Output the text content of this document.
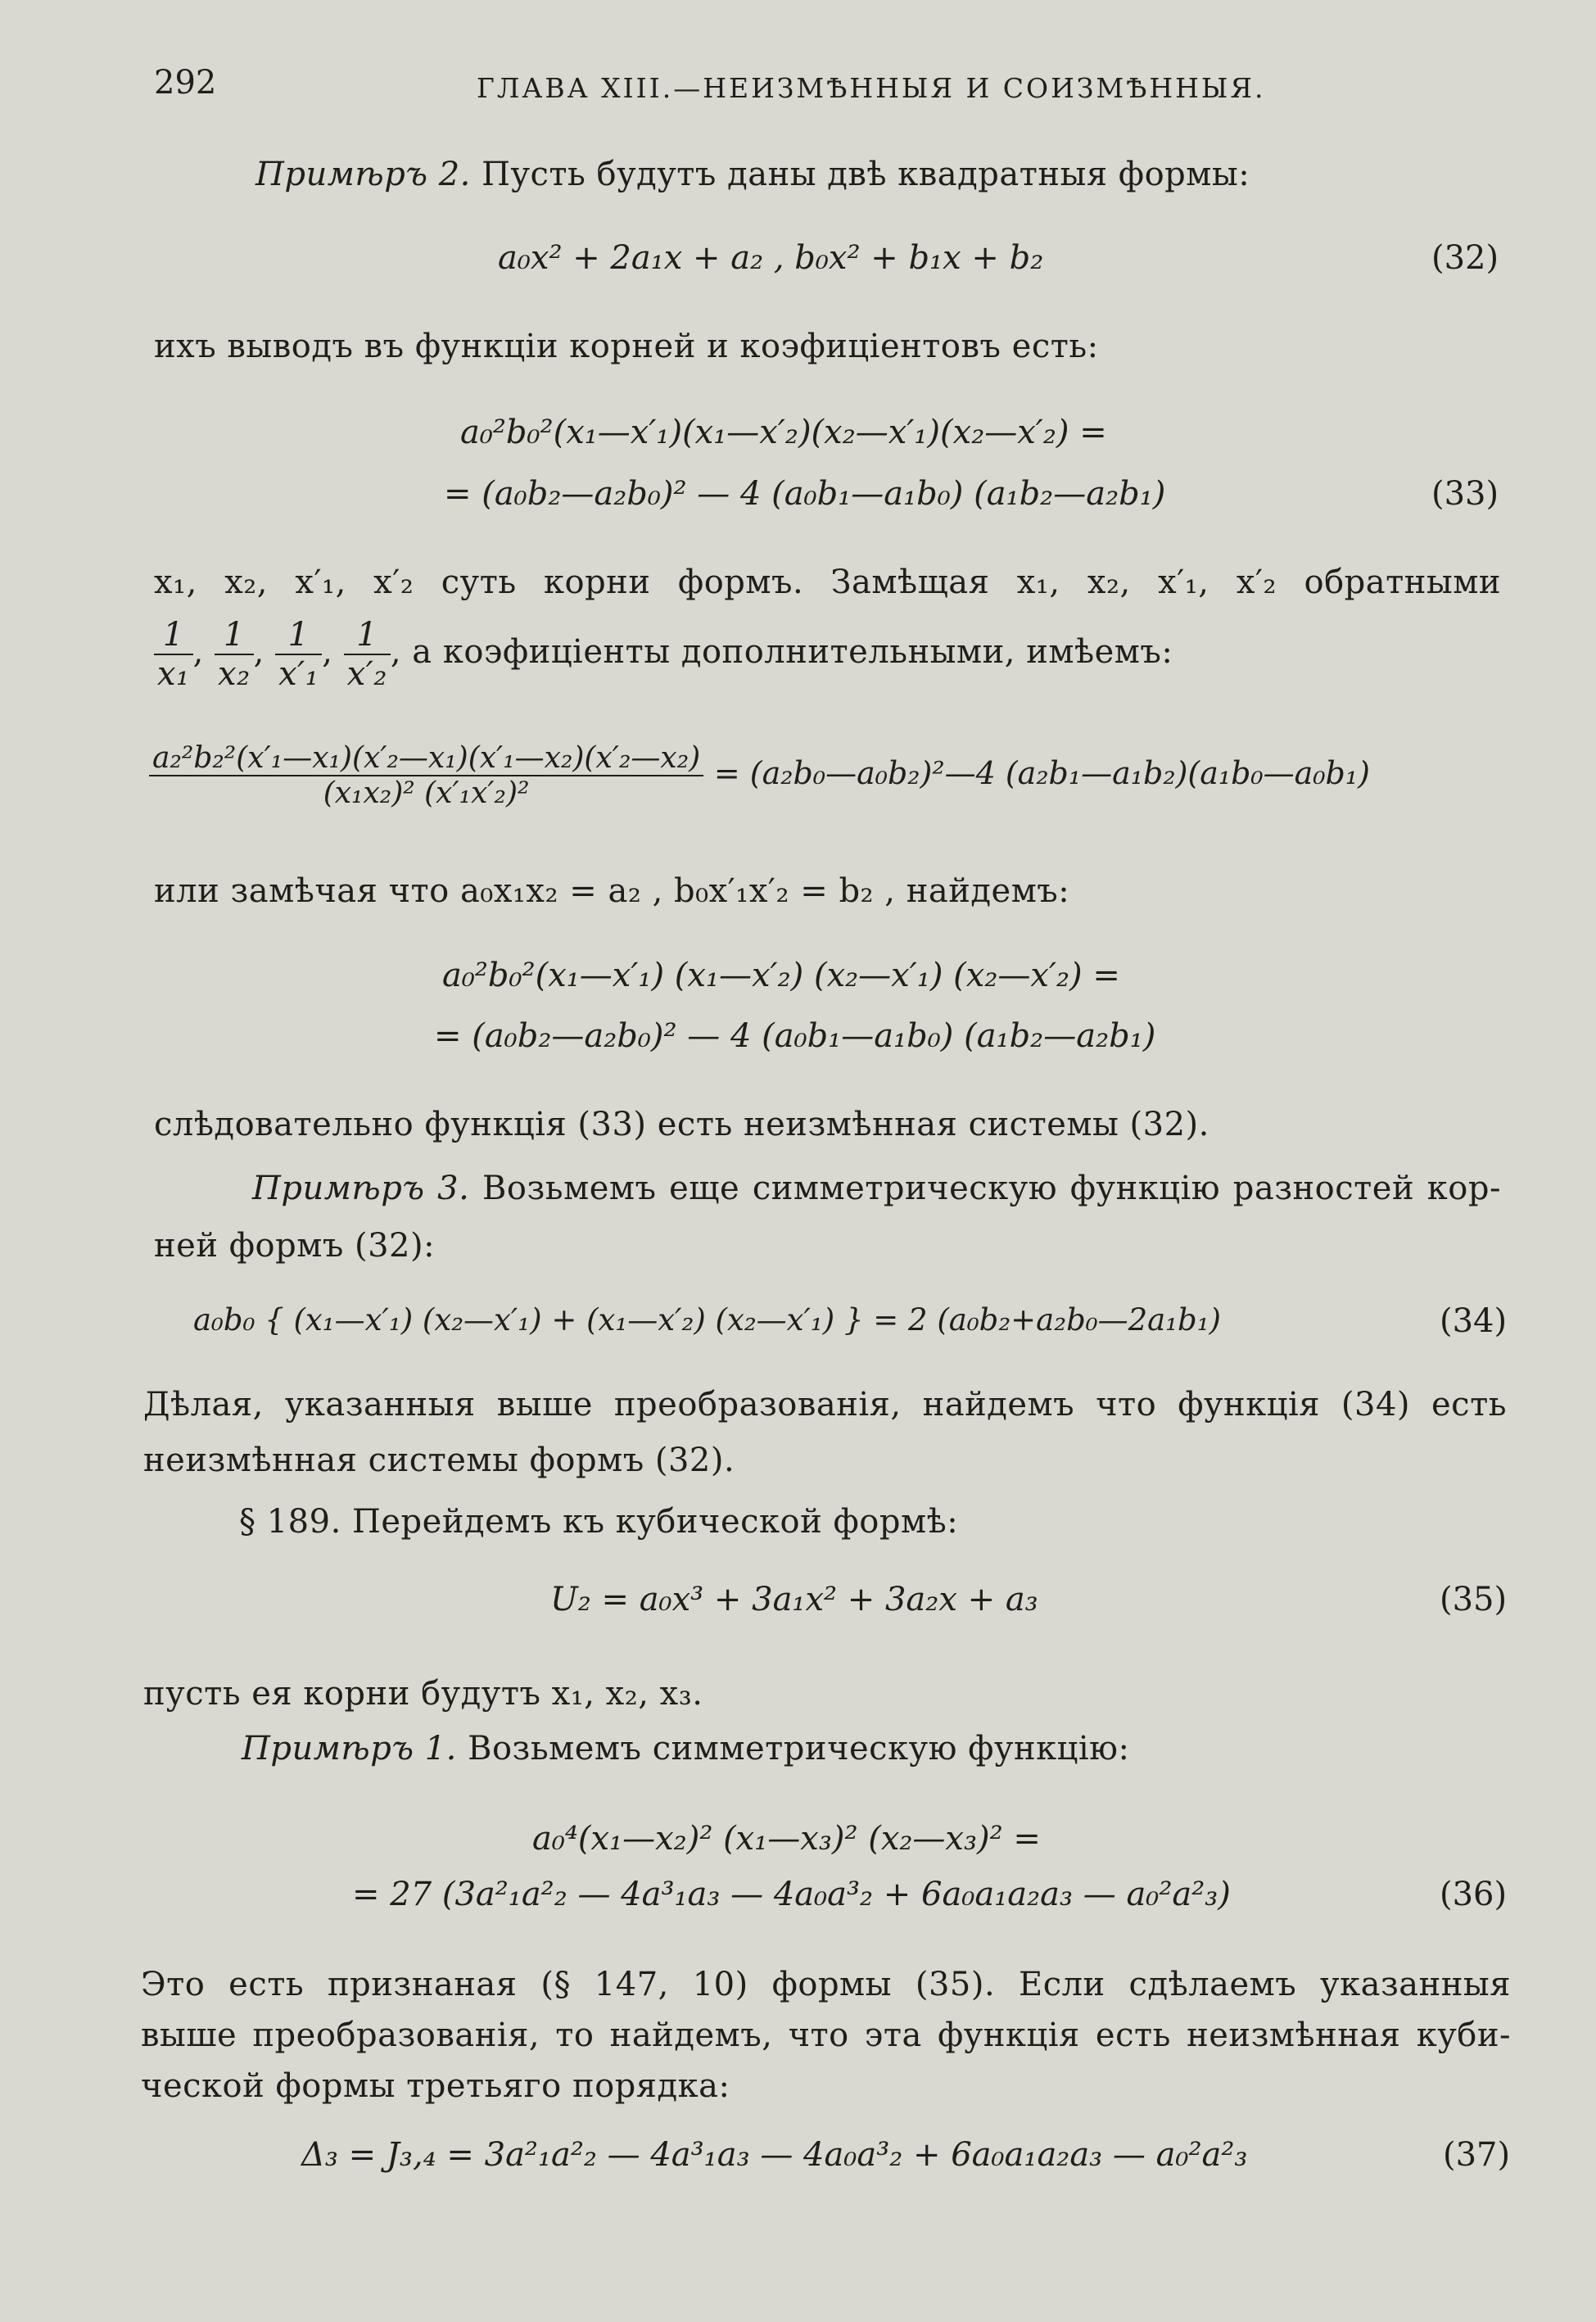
292	ГЛАВА XIII.—НЕИЗМѢННЫЯ И СОИЗМѢННЫЯ.
Примѣръ 2. Пусть будутъ даны двѣ квадратныя формы:
a₀x² + 2a₁x + a₂ , b₀x² + b₁x + b₂	(32)
ихъ выводъ въ функціи корней и коэфиціентовъ есть:
a₀²b₀²(x₁—x′₁)(x₁—x′₂)(x₂—x′₁)(x₂—x′₂) =
= (a₀b₂—a₂b₀)² — 4 (a₀b₁—a₁b₀) (a₁b₂—a₂b₁)	(33)
x₁, x₂, x′₁, x′₂ суть корни формъ. Замѣщая x₁, x₂, x′₁, x′₂ обратными
$\frac{1}{\text{x₁}}$ , $\frac{1}{\text{x₂}}$ , $\frac{1}{\text{x′₁}}$ , $\frac{1}{\text{x′₂}}$ , а коэфиціенты дополнительными, имѣемъ:
$\frac{\text{a₂²b₂²(x′₁—x₁)(x′₂—x₁)(x′₁—x₂)(x′₂—x₂)}}{\text{(x₁x₂)² (x′₁x′₂)²}}$ = (a₂b₀—a₀b₂)²—4 (a₂b₁—a₁b₂)(a₁b₀—a₀b₁)
или замѣчая что a₀x₁x₂ = a₂ , b₀x′₁x′₂ = b₂ , найдемъ:
a₀²b₀²(x₁—x′₁) (x₁—x′₂) (x₂—x′₁) (x₂—x′₂) =
= (a₀b₂—a₂b₀)² — 4 (a₀b₁—a₁b₀) (a₁b₂—a₂b₁)
слѣдовательно функція (33) есть неизмѣнная системы (32).
Примѣръ 3. Возьмемъ еще симметрическую функцію разностей кор-
ней формъ (32):
a₀b₀ { (x₁—x′₁) (x₂—x′₁) + (x₁—x′₂) (x₂—x′₁) } = 2 (a₀b₂+a₂b₀—2a₁b₁)	(34)
Дѣлая, указанныя выше преобразованія, найдемъ что функція (34) есть
неизмѣнная системы формъ (32).
§ 189. Перейдемъ къ кубической формѣ:
U₂ = a₀x³ + 3a₁x² + 3a₂x + a₃	(35)
пусть ея корни будутъ x₁, x₂, x₃.
Примѣръ 1. Возьмемъ симметрическую функцію:
a₀⁴(x₁—x₂)² (x₁—x₃)² (x₂—x₃)² =
= 27 (3a²₁a²₂ — 4a³₁a₃ — 4a₀a³₂ + 6a₀a₁a₂a₃ — a₀²a²₃)	(36)
Это есть признаная (§ 147, 10) формы (35). Если сдѣлаемъ указанныя
выше преобразованія, то найдемъ, что эта функція есть неизмѣнная куби-
ческой формы третьяго порядка:
Δ₃ = J₃,₄ = 3a²₁a²₂ — 4a³₁a₃ — 4a₀a³₂ + 6a₀a₁a₂a₃ — a₀²a²₃	(37)
